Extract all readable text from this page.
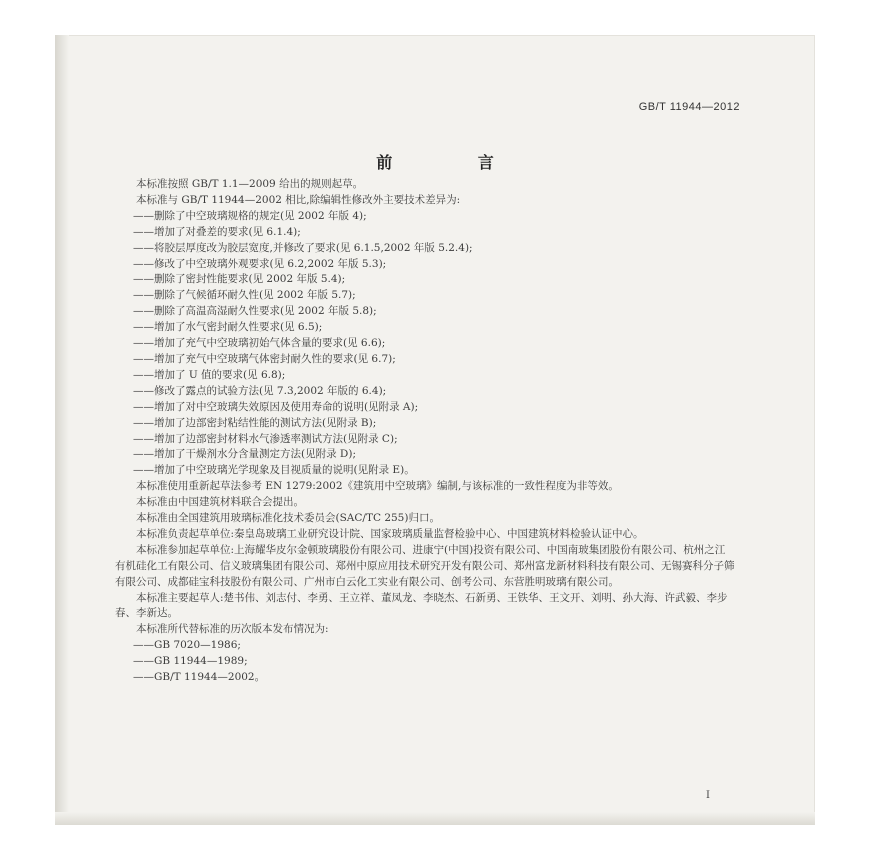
GB/T 11944—2012
前 言

本标准按照 GB/T 1.1—2009 给出的规则起草。

本标准与 GB/T 11944—2002 相比,除编辑性修改外主要技术差异为:

——删除了中空玻璃规格的规定(见 2002 年版 4);

——增加了对叠差的要求(见 6.1.4);

——将胶层厚度改为胶层宽度,并修改了要求(见 6.1.5,2002 年版 5.2.4);

——修改了中空玻璃外观要求(见 6.2,2002 年版 5.3);

——删除了密封性能要求(见 2002 年版 5.4);

——删除了气候循环耐久性(见 2002 年版 5.7);

——删除了高温高湿耐久性要求(见 2002 年版 5.8);

——增加了水气密封耐久性要求(见 6.5);

——增加了充气中空玻璃初始气体含量的要求(见 6.6);

——增加了充气中空玻璃气体密封耐久性的要求(见 6.7);

——增加了 U 值的要求(见 6.8);

——修改了露点的试验方法(见 7.3,2002 年版的 6.4);

——增加了对中空玻璃失效原因及使用寿命的说明(见附录 A);

——增加了边部密封粘结性能的测试方法(见附录 B);

——增加了边部密封材料水气渗透率测试方法(见附录 C);

——增加了干燥剂水分含量测定方法(见附录 D);

——增加了中空玻璃光学现象及目视质量的说明(见附录 E)。

本标准使用重新起草法参考 EN 1279:2002《建筑用中空玻璃》编制,与该标准的一致性程度为非等效。

本标准由中国建筑材料联合会提出。

本标准由全国建筑用玻璃标准化技术委员会(SAC/TC 255)归口。

本标准负责起草单位:秦皇岛玻璃工业研究设计院、国家玻璃质量监督检验中心、中国建筑材料检验认证中心。

本标准参加起草单位:上海耀华皮尔金顿玻璃股份有限公司、进康宁(中国)投资有限公司、中国南玻集团股份有限公司、杭州之江有机硅化工有限公司、信义玻璃集团有限公司、郑州中原应用技术研究开发有限公司、郑州富龙新材料科技有限公司、无锡赛科分子筛有限公司、成都硅宝科技股份有限公司、广州市白云化工实业有限公司、创考公司、东营胜明玻璃有限公司。

本标准主要起草人:楚书伟、刘志付、李勇、王立祥、董凤龙、李晓杰、石新勇、王铁华、王文开、刘明、孙大海、许武毅、李步春、李新达。

本标准所代替标准的历次版本发布情况为:

——GB 7020—1986;

——GB 11944—1989;

——GB/T 11944—2002。

I
